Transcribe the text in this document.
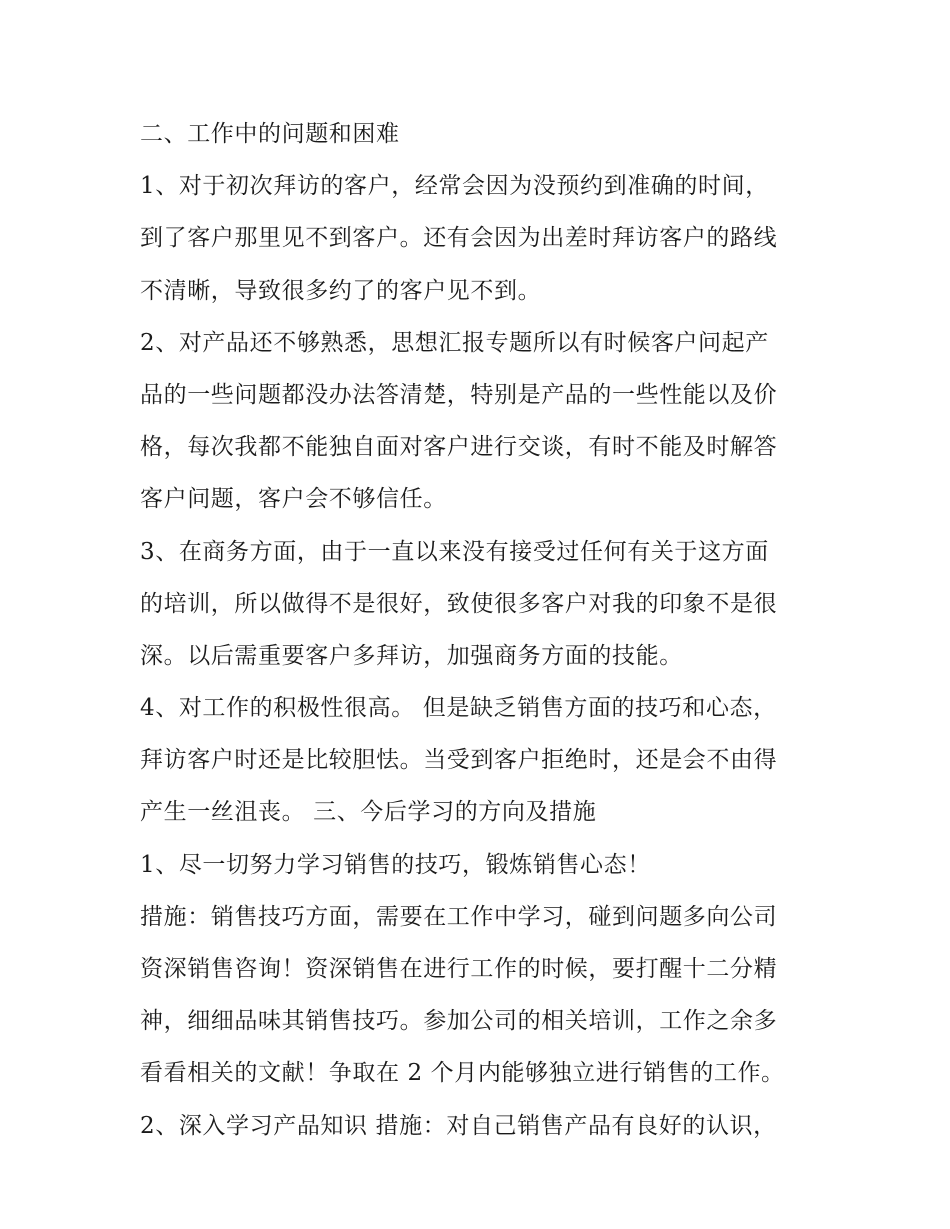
二、工作中的问题和困难
1、对于初次拜访的客户，经常会因为没预约到准确的时间，
到了客户那里见不到客户。还有会因为出差时拜访客户的路线
不清晰，导致很多约了的客户见不到。
2、对产品还不够熟悉，思想汇报专题所以有时候客户问起产
品的一些问题都没办法答清楚，特别是产品的一些性能以及价
格，每次我都不能独自面对客户进行交谈，有时不能及时解答
客户问题，客户会不够信任。
3、在商务方面，由于一直以来没有接受过任何有关于这方面
的培训，所以做得不是很好，致使很多客户对我的印象不是很
深。以后需重要客户多拜访，加强商务方面的技能。
4、对工作的积极性很高。 但是缺乏销售方面的技巧和心态，
拜访客户时还是比较胆怯。当受到客户拒绝时，还是会不由得
产生一丝沮丧。 三、今后学习的方向及措施
1、尽一切努力学习销售的技巧，锻炼销售心态！
措施：销售技巧方面，需要在工作中学习，碰到问题多向公司
资深销售咨询！资深销售在进行工作的时候，要打醒十二分精
神，细细品味其销售技巧。参加公司的相关培训，工作之余多
看看相关的文献！争取在 2 个月内能够独立进行销售的工作。
2、深入学习产品知识 措施：对自己销售产品有良好的认识，
